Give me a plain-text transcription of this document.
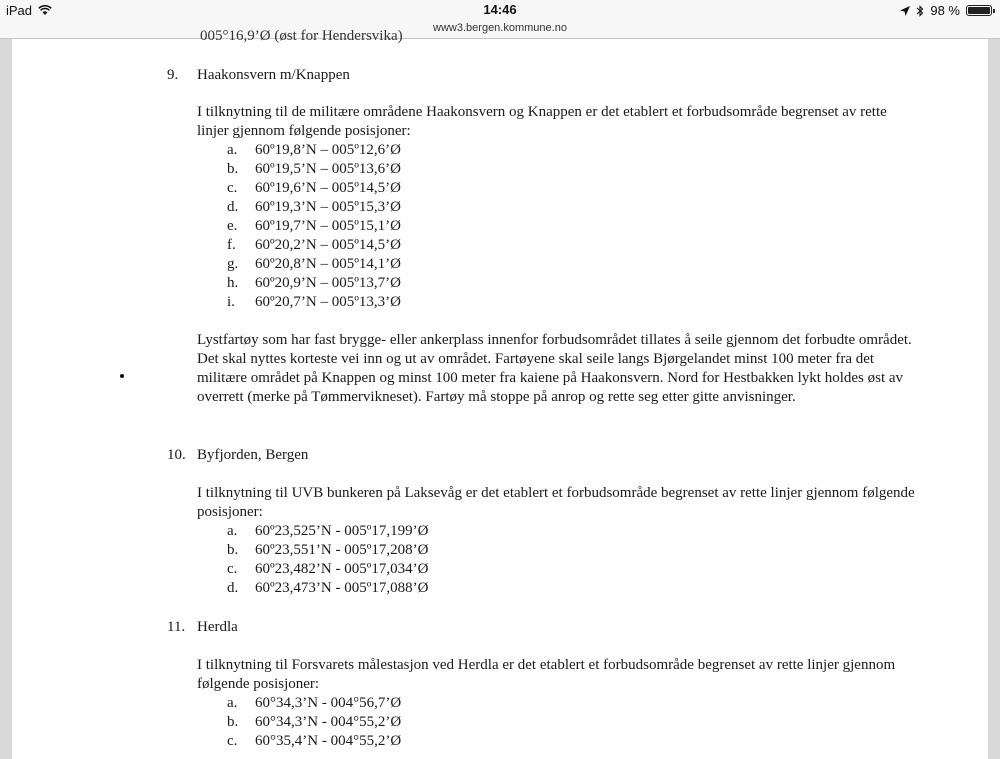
iPad	14:46	98 %
www3.bergen.kommune.no
005°16,9’Ø (øst for Hendersvika)
9. Haakonsvern m/Knappen
I tilknytning til de militære områdene Haakonsvern og Knappen er det etablert et forbudsområde begrenset av rette linjer gjennom følgende posisjoner:
a. 60º19,8’N – 005º12,6’Ø
b. 60º19,5’N – 005º13,6’Ø
c. 60º19,6’N – 005º14,5’Ø
d. 60º19,3’N – 005º15,3’Ø
e. 60º19,7’N – 005º15,1’Ø
f. 60º20,2’N – 005º14,5’Ø
g. 60º20,8’N – 005º14,1’Ø
h. 60º20,9’N – 005º13,7’Ø
i. 60º20,7’N – 005º13,3’Ø
Lystfartøy som har fast brygge- eller ankerplass innenfor forbudsområdet tillates å seile gjennom det forbudte området. Det skal nyttes korteste vei inn og ut av området. Fartøyene skal seile langs Bjørgelandet minst 100 meter fra det militære området på Knappen og minst 100 meter fra kaiene på Haakonsvern. Nord for Hestbakken lykt holdes øst av overrett (merke på Tømmervikneset). Fartøy må stoppe på anrop og rette seg etter gitte anvisninger.
10. Byfjorden, Bergen
I tilknytning til UVB bunkeren på Laksevåg er det etablert et forbudsområde begrenset av rette linjer gjennom følgende posisjoner:
a. 60º23,525’N - 005º17,199’Ø
b. 60º23,551’N - 005º17,208’Ø
c. 60º23,482’N - 005º17,034’Ø
d. 60º23,473’N - 005º17,088’Ø
11. Herdla
I tilknytning til Forsvarets målestasjon ved Herdla er det etablert et forbudsområde begrenset av rette linjer gjennom følgende posisjoner:
a. 60°34,3’N - 004°56,7’Ø
b. 60°34,3’N - 004°55,2’Ø
c. 60°35,4’N - 004°55,2’Ø
